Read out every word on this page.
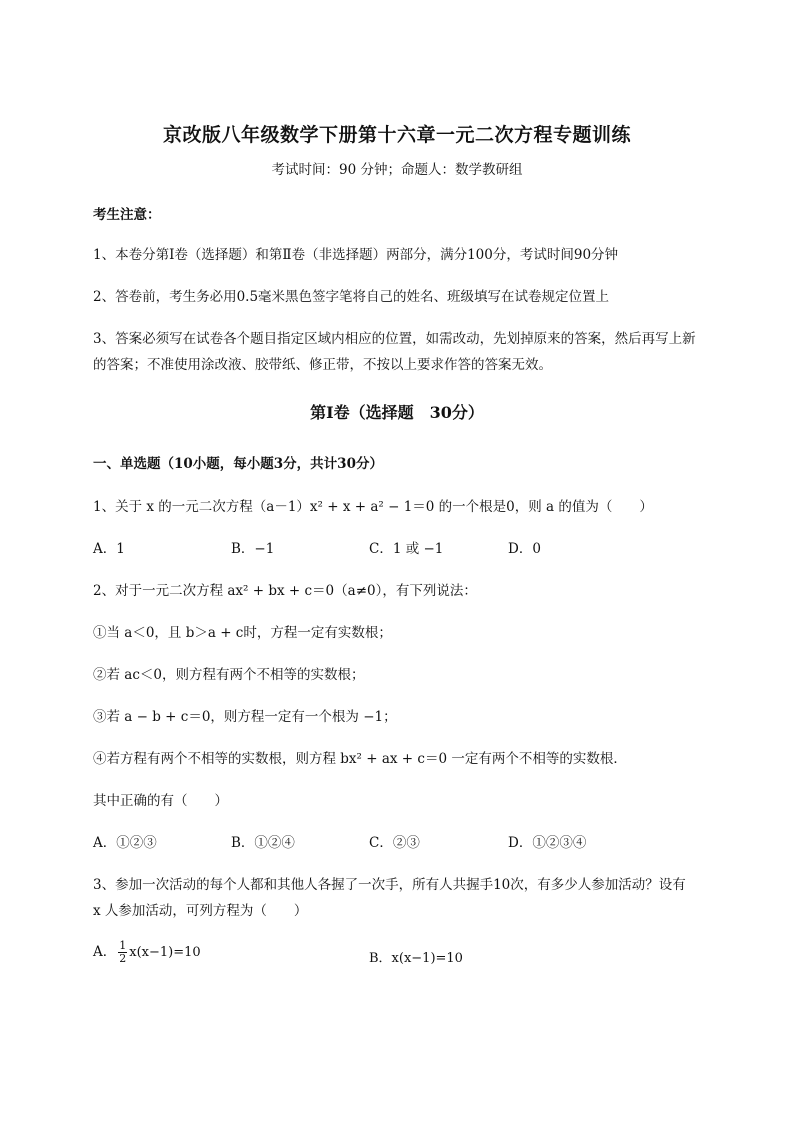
京改版八年级数学下册第十六章一元二次方程专题训练
考试时间：90 分钟；命题人：数学教研组
考生注意：
1、本卷分第Ⅰ卷（选择题）和第Ⅱ卷（非选择题）两部分，满分100分，考试时间90分钟
2、答卷前，考生务必用0.5毫米黑色签字笔将自己的姓名、班级填写在试卷规定位置上
3、答案必须写在试卷各个题目指定区域内相应的位置，如需改动，先划掉原来的答案，然后再写上新
的答案；不准使用涂改液、胶带纸、修正带，不按以上要求作答的答案无效。
第Ⅰ卷（选择题　30分）
一、单选题（10小题，每小题3分，共计30分）
1、关于 x 的一元二次方程（a－1）x² + x + a² − 1＝0 的一个根是0，则 a 的值为（　　）
A．1	B．−1	C．1 或 −1	D．0
2、对于一元二次方程 ax² + bx + c＝0（a≠0），有下列说法：
①当 a＜0，且 b＞a + c时，方程一定有实数根；
②若 ac＜0，则方程有两个不相等的实数根；
③若 a − b + c＝0，则方程一定有一个根为 −1；
④若方程有两个不相等的实数根，则方程 bx² + ax + c＝0 一定有两个不相等的实数根．
其中正确的有（　　）
A．①②③	B．①②④	C．②③	D．①②③④
3、参加一次活动的每个人都和其他人各握了一次手，所有人共握手10次，有多少人参加活动？设有
x 人参加活动，可列方程为（　　）
A． $\frac{1}{2} x(x-1)=10$	B．x(x−1)=10
